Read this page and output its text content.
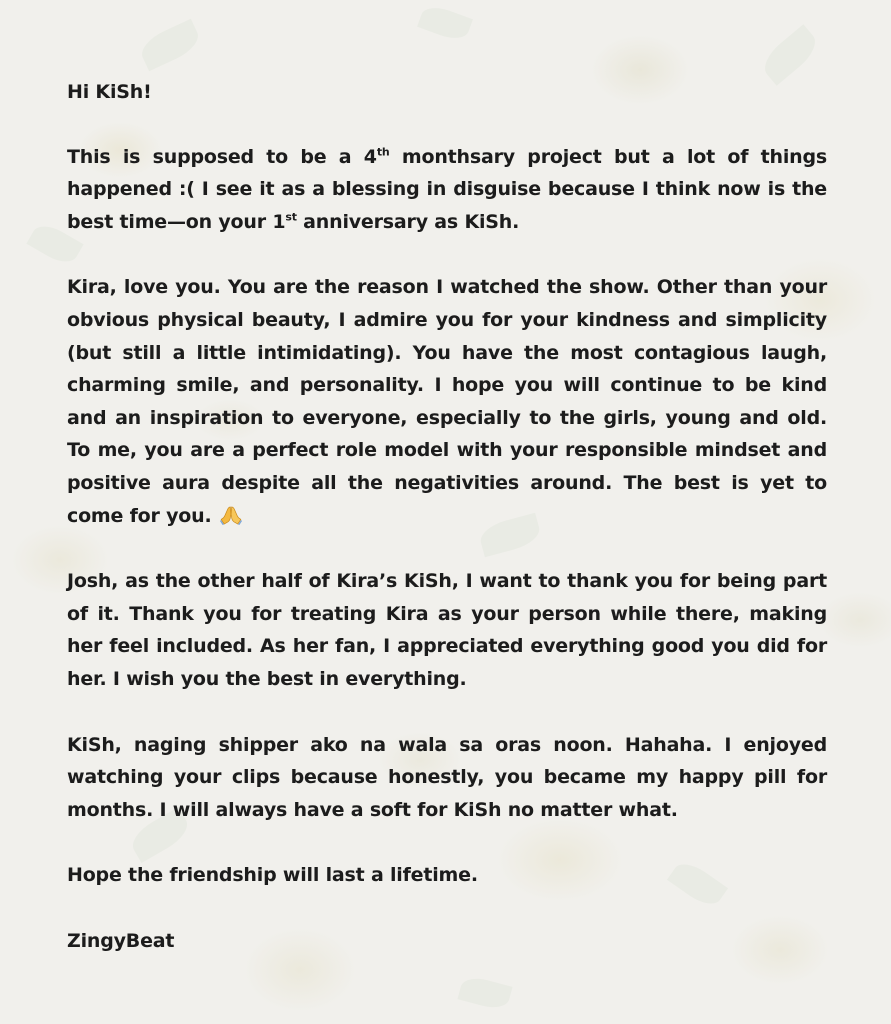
Hi KiSh!

This is supposed to be a 4th monthsary project but a lot of things happened :( I see it as a blessing in disguise because I think now is the best time—on your 1st anniversary as KiSh.

Kira, love you. You are the reason I watched the show. Other than your obvious physical beauty, I admire you for your kindness and simplicity (but still a little intimidating). You have the most contagious laugh, charming smile, and personality. I hope you will continue to be kind and an inspiration to everyone, especially to the girls, young and old. To me, you are a perfect role model with your responsible mindset and positive aura despite all the negativities around. The best is yet to come for you.

Josh, as the other half of Kira’s KiSh, I want to thank you for being part of it. Thank you for treating Kira as your person while there, making her feel included. As her fan, I appreciated everything good you did for her. I wish you the best in everything.

KiSh, naging shipper ako na wala sa oras noon. Hahaha. I enjoyed watching your clips because honestly, you became my happy pill for months. I will always have a soft for KiSh no matter what.

Hope the friendship will last a lifetime.

ZingyBeat
